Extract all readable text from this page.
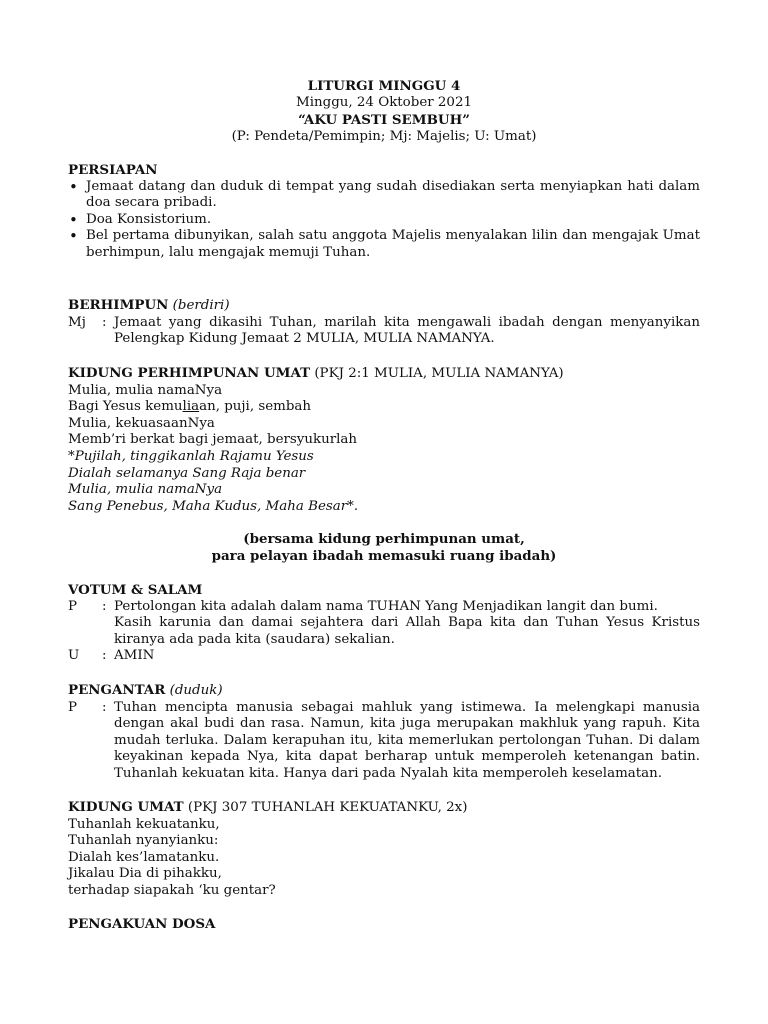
LITURGI MINGGU 4
Minggu, 24 Oktober 2021
“AKU PASTI SEMBUH”
(P: Pendeta/Pemimpin; Mj: Majelis; U: Umat)
PERSIAPAN
• Jemaat datang dan duduk di tempat yang sudah disediakan serta menyiapkan hati dalam doa secara pribadi.
• Doa Konsistorium.
• Bel pertama dibunyikan, salah satu anggota Majelis menyalakan lilin dan mengajak Umat berhimpun, lalu mengajak memuji Tuhan.
BERHIMPUN (berdiri)
Mj	: Jemaat yang dikasihi Tuhan, marilah kita mengawali ibadah dengan menyanyikan Pelengkap Kidung Jemaat 2 MULIA, MULIA NAMANYA.
KIDUNG PERHIMPUNAN UMAT (PKJ 2:1 MULIA, MULIA NAMANYA)
Mulia, mulia namaNya
Bagi Yesus kemuliaan, puji, sembah
Mulia, kekuasaanNya
Memb’ri berkat bagi jemaat, bersyukurlah
*Pujilah, tinggikanlah Rajamu Yesus
Dialah selamanya Sang Raja benar
Mulia, mulia namaNya
Sang Penebus, Maha Kudus, Maha Besar*.
(bersama kidung perhimpunan umat,
para pelayan ibadah memasuki ruang ibadah)
VOTUM & SALAM
P	: Pertolongan kita adalah dalam nama TUHAN Yang Menjadikan langit dan bumi.
Kasih karunia dan damai sejahtera dari Allah Bapa kita dan Tuhan Yesus Kristus kiranya ada pada kita (saudara) sekalian.
U	: AMIN
PENGANTAR (duduk)
P	: Tuhan mencipta manusia sebagai mahluk yang istimewa. Ia melengkapi manusia dengan akal budi dan rasa. Namun, kita juga merupakan makhluk yang rapuh. Kita mudah terluka. Dalam kerapuhan itu, kita memerlukan pertolongan Tuhan. Di dalam keyakinan kepada Nya, kita dapat berharap untuk memperoleh ketenangan batin. Tuhanlah kekuatan kita. Hanya dari pada Nyalah kita memperoleh keselamatan.
KIDUNG UMAT (PKJ 307 TUHANLAH KEKUATANKU, 2x)
Tuhanlah kekuatanku,
Tuhanlah nyanyianku:
Dialah kes’lamatanku.
Jikalau Dia di pihakku,
terhadap siapakah ‘ku gentar?
PENGAKUAN DOSA
